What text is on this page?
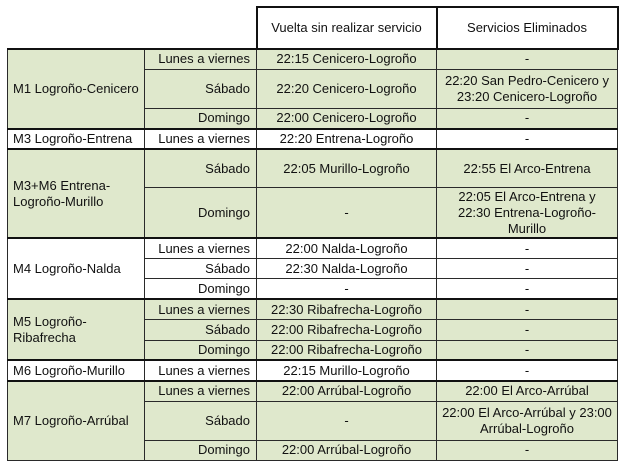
		Vuelta sin realizar servicio	Servicios Eliminados
M1 Logroño-Cenicero	Lunes a viernes	22:15 Cenicero-Logroño	-
	Sábado	22:20 Cenicero-Logroño	22:20 San Pedro-Cenicero y 23:20 Cenicero-Logroño
	Domingo	22:00 Cenicero-Logroño	-
M3 Logroño-Entrena	Lunes a viernes	22:20 Entrena-Logroño	-
M3+M6 Entrena-Logroño-Murillo	Sábado	22:05 Murillo-Logroño	22:55 El Arco-Entrena
	Domingo	-	22:05 El Arco-Entrena y 22:30 Entrena-Logroño-Murillo
M4 Logroño-Nalda	Lunes a viernes	22:00 Nalda-Logroño	-
	Sábado	22:30 Nalda-Logroño	-
	Domingo	-	-
M5 Logroño-Ribafrecha	Lunes a viernes	22:30 Ribafrecha-Logroño	-
	Sábado	22:00 Ribafrecha-Logroño	-
	Domingo	22:00 Ribafrecha-Logroño	-
M6 Logroño-Murillo	Lunes a viernes	22:15 Murillo-Logroño	-
M7 Logroño-Arrúbal	Lunes a viernes	22:00 Arrúbal-Logroño	22:00 El Arco-Arrúbal
	Sábado	-	22:00 El Arco-Arrúbal y 23:00 Arrúbal-Logroño
	Domingo	22:00 Arrúbal-Logroño	-
